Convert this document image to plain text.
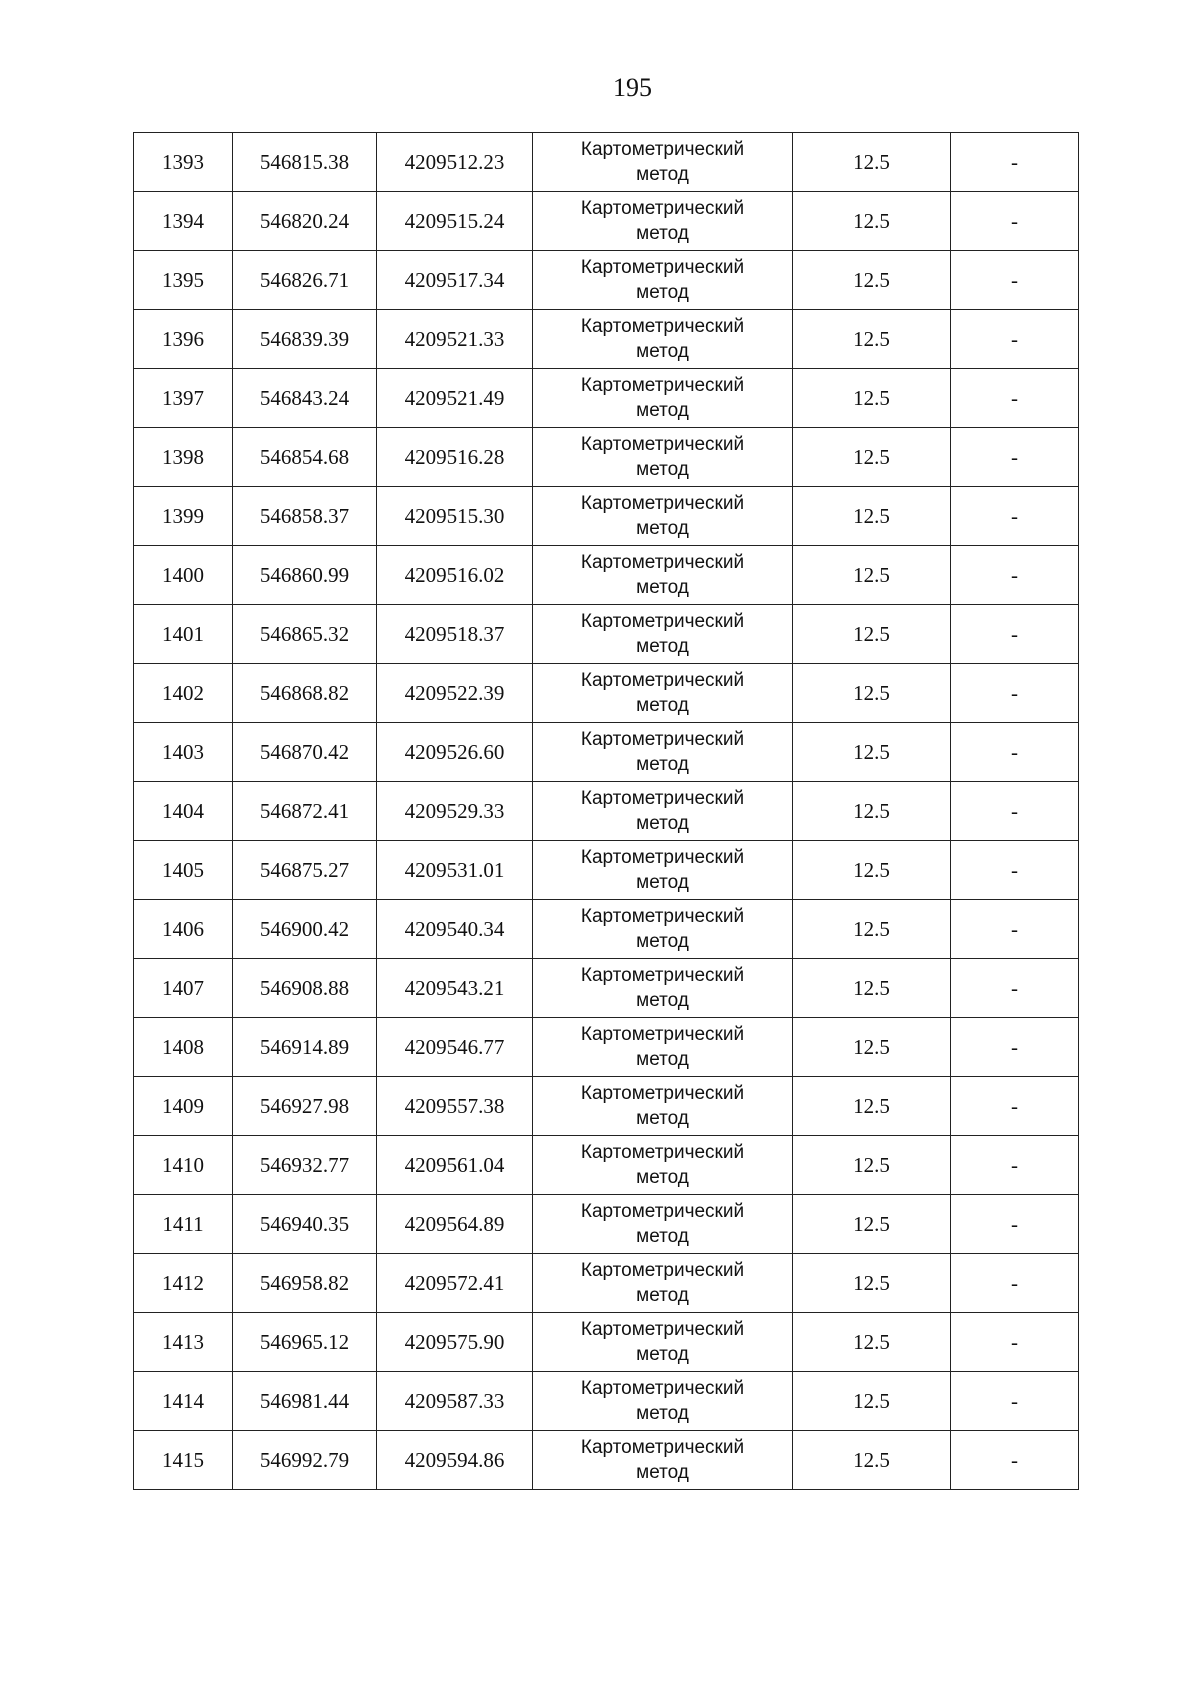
195
1393	546815.38	4209512.23	Картометрический
метод	12.5	-
1394	546820.24	4209515.24	Картометрический
метод	12.5	-
1395	546826.71	4209517.34	Картометрический
метод	12.5	-
1396	546839.39	4209521.33	Картометрический
метод	12.5	-
1397	546843.24	4209521.49	Картометрический
метод	12.5	-
1398	546854.68	4209516.28	Картометрический
метод	12.5	-
1399	546858.37	4209515.30	Картометрический
метод	12.5	-
1400	546860.99	4209516.02	Картометрический
метод	12.5	-
1401	546865.32	4209518.37	Картометрический
метод	12.5	-
1402	546868.82	4209522.39	Картометрический
метод	12.5	-
1403	546870.42	4209526.60	Картометрический
метод	12.5	-
1404	546872.41	4209529.33	Картометрический
метод	12.5	-
1405	546875.27	4209531.01	Картометрический
метод	12.5	-
1406	546900.42	4209540.34	Картометрический
метод	12.5	-
1407	546908.88	4209543.21	Картометрический
метод	12.5	-
1408	546914.89	4209546.77	Картометрический
метод	12.5	-
1409	546927.98	4209557.38	Картометрический
метод	12.5	-
1410	546932.77	4209561.04	Картометрический
метод	12.5	-
1411	546940.35	4209564.89	Картометрический
метод	12.5	-
1412	546958.82	4209572.41	Картометрический
метод	12.5	-
1413	546965.12	4209575.90	Картометрический
метод	12.5	-
1414	546981.44	4209587.33	Картометрический
метод	12.5	-
1415	546992.79	4209594.86	Картометрический
метод	12.5	-
